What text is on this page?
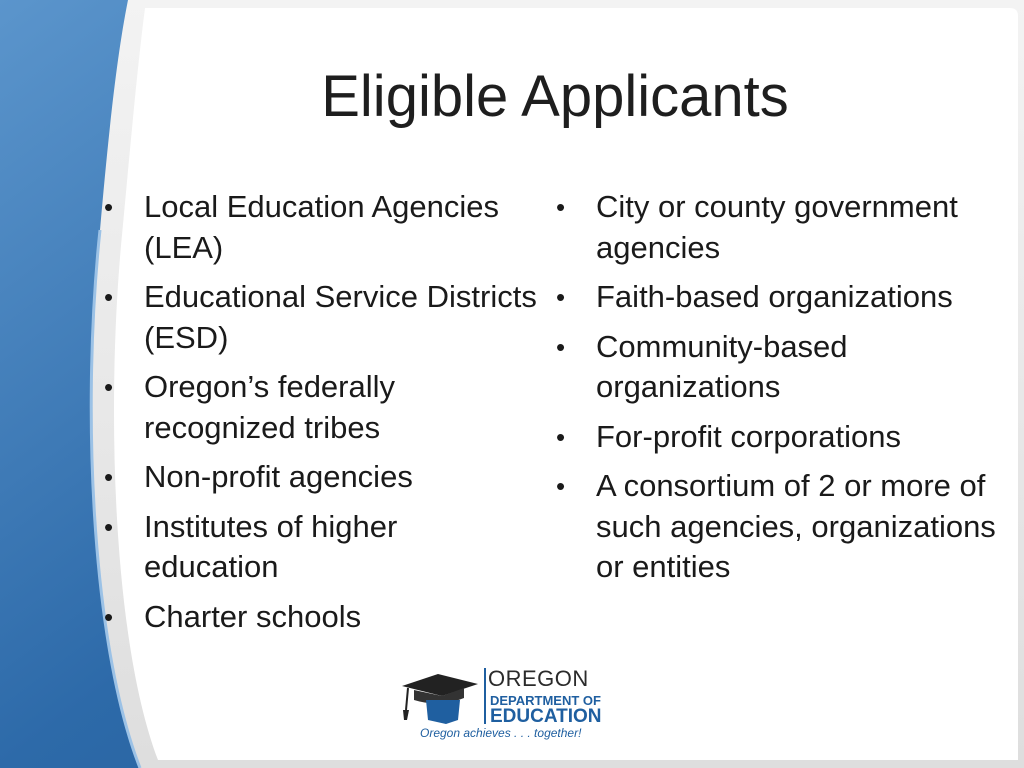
Eligible Applicants
• Local Education Agencies (LEA)
• Educational Service Districts (ESD)
• Oregon’s federally recognized tribes
• Non-profit agencies
• Institutes of higher education
• Charter schools
• City or county government agencies
• Faith-based organizations
• Community-based organizations
• For-profit corporations
• A consortium of 2 or more of such agencies, organizations or entities
OREGON
DEPARTMENT OF
EDUCATION
Oregon achieves . . . together!
